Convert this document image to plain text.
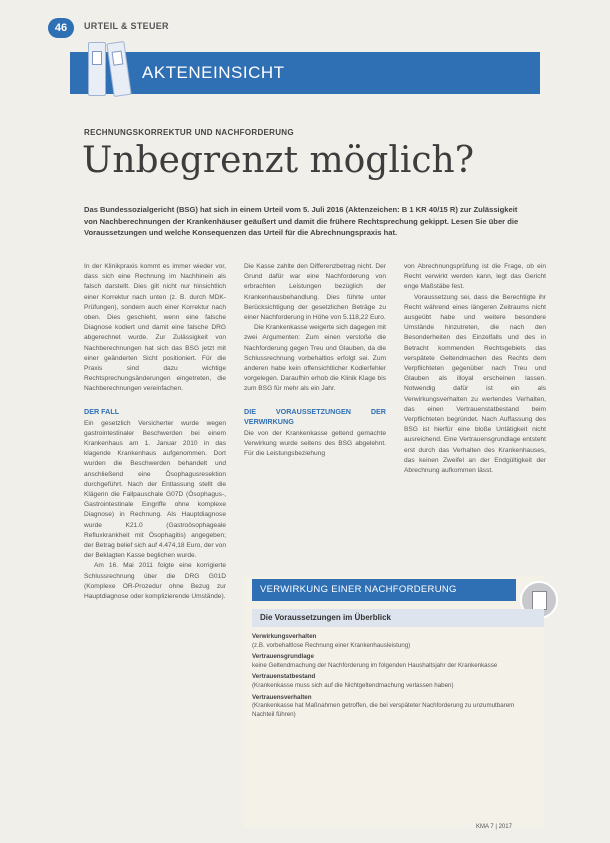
46	URTEIL & STEUER
AKTENEINSICHT
RECHNUNGSKORREKTUR UND NACHFORDERUNG
Unbegrenzt möglich?
Das Bundessozialgericht (BSG) hat sich in einem Urteil vom 5. Juli 2016 (Aktenzeichen: B 1 KR 40/15 R) zur Zulässigkeit von Nachberechnungen der Krankenhäuser geäußert und damit die frühere Rechtsprechung gekippt. Lesen Sie über die Voraussetzungen und welche Konsequenzen das Urteil für die Abrechnungspraxis hat.

In der Klinikpraxis kommt es immer wieder vor, dass sich eine Rechnung im Nachhinein als falsch darstellt. Dies gilt nicht nur hinsichtlich einer Korrektur nach unten (z. B. durch MDK-Prüfungen), sondern auch einer Korrektur nach oben. Dies geschieht, wenn eine falsche Diagnose kodiert und damit eine falsche DRG abgerechnet wurde. Zur Zulässigkeit von Nachberechnungen hat sich das BSG jetzt mit einer geänderten Sicht positioniert. Für die Praxis sind dazu wichtige Rechtsprechungsänderungen eingetreten, die Nachberechnungen vereinfachen.

DER FALL

Ein gesetzlich Versicherter wurde wegen gastrointestinaler Beschwerden bei einem Krankenhaus am 1. Januar 2010 in das klagende Krankenhaus aufgenommen. Dort wurden die Beschwerden behandelt und anschließend eine Ösophagusresektion durchgeführt. Nach der Entlassung stellt die Klägerin die Fallpauschale G07D (Ösophagus-, Gastrointestinale Eingriffe ohne komplexe Diagnose) in Rechnung. Als Hauptdiagnose wurde K21.0 (Gastroösophageale Refluxkrankheit mit Ösophagitis) angegeben; der Betrag belief sich auf 4.474,18 Euro, der von der Beklagten Kasse beglichen wurde.

Am 16. Mai 2011 folgte eine korrigierte Schlussrechnung über die DRG G01D (Komplexe OR-Prozedur ohne Bezug zur Hauptdiagnose oder komplizierende Umstände).

Die Kasse zahlte den Differenzbetrag nicht. Der Grund dafür war eine Nachforderung von erbrachten Leistungen bezüglich der Krankenhausbehandlung. Dies führte unter Berücksichtigung der gesetzlichen Beträge zu einer Nachforderung in Höhe von 5.118,22 Euro.

Die Krankenkasse weigerte sich dagegen mit zwei Argumenten: Zum einen verstoße die Nachforderung gegen Treu und Glauben, da die Schlussrechnung vorbehaltlos erfolgt sei. Zum anderen habe kein offensichtlicher Kodierfehler vorgelegen. Daraufhin erhob die Klinik Klage bis zum BSG für mehr als ein Jahr.

DIE VORAUSSETZUNGEN DER VERWIRKUNG

Die von der Krankenkasse geltend gemachte Verwirkung wurde seitens des BSG abgelehnt. Für die Leistungsbeziehung

von Abrechnungsprüfung ist die Frage, ob ein Recht verwirkt werden kann, legt das Gericht enge Maßstäbe fest.

Voraussetzung sei, dass die Berechtigte ihr Recht während eines längeren Zeitraums nicht ausgeübt habe und weitere besondere Umstände hinzutreten, die nach den Besonderheiten des Einzelfalls und des in Betracht kommenden Rechtsgebiets das verspätete Geltendmachen des Rechts dem Verpflichteten gegenüber nach Treu und Glauben als illoyal erscheinen lassen. Notwendig dafür ist ein als Verwirkungsverhalten zu wertendes Verhalten, das einen Vertrauenstatbestand beim Verpflichteten begründet. Nach Auffassung des BSG ist hierfür eine bloße Untätigkeit nicht ausreichend. Eine Vertrauensgrundlage entsteht erst durch das Verhalten des Krankenhauses, das keinen Zweifel an der Endgültigkeit der Abrechnung aufkommen lässt.

VERWIRKUNG EINER NACHFORDERUNG
Die Voraussetzungen im Überblick
Verwirkungsverhalten
(z.B. vorbehaltlose Rechnung einer Krankenhausleistung)
Vertrauensgrundlage
keine Geltendmachung der Nachforderung im folgenden Haushaltsjahr der Krankenkasse
Vertrauenstatbestand
(Krankenkasse muss sich auf die Nichtgeltendmachung verlassen haben)
Vertrauensverhalten
(Krankenkasse hat Maßnahmen getroffen, die bei verspäteter Nachforderung zu unzumutbarem Nachteil führen)
KMA 7 | 2017
